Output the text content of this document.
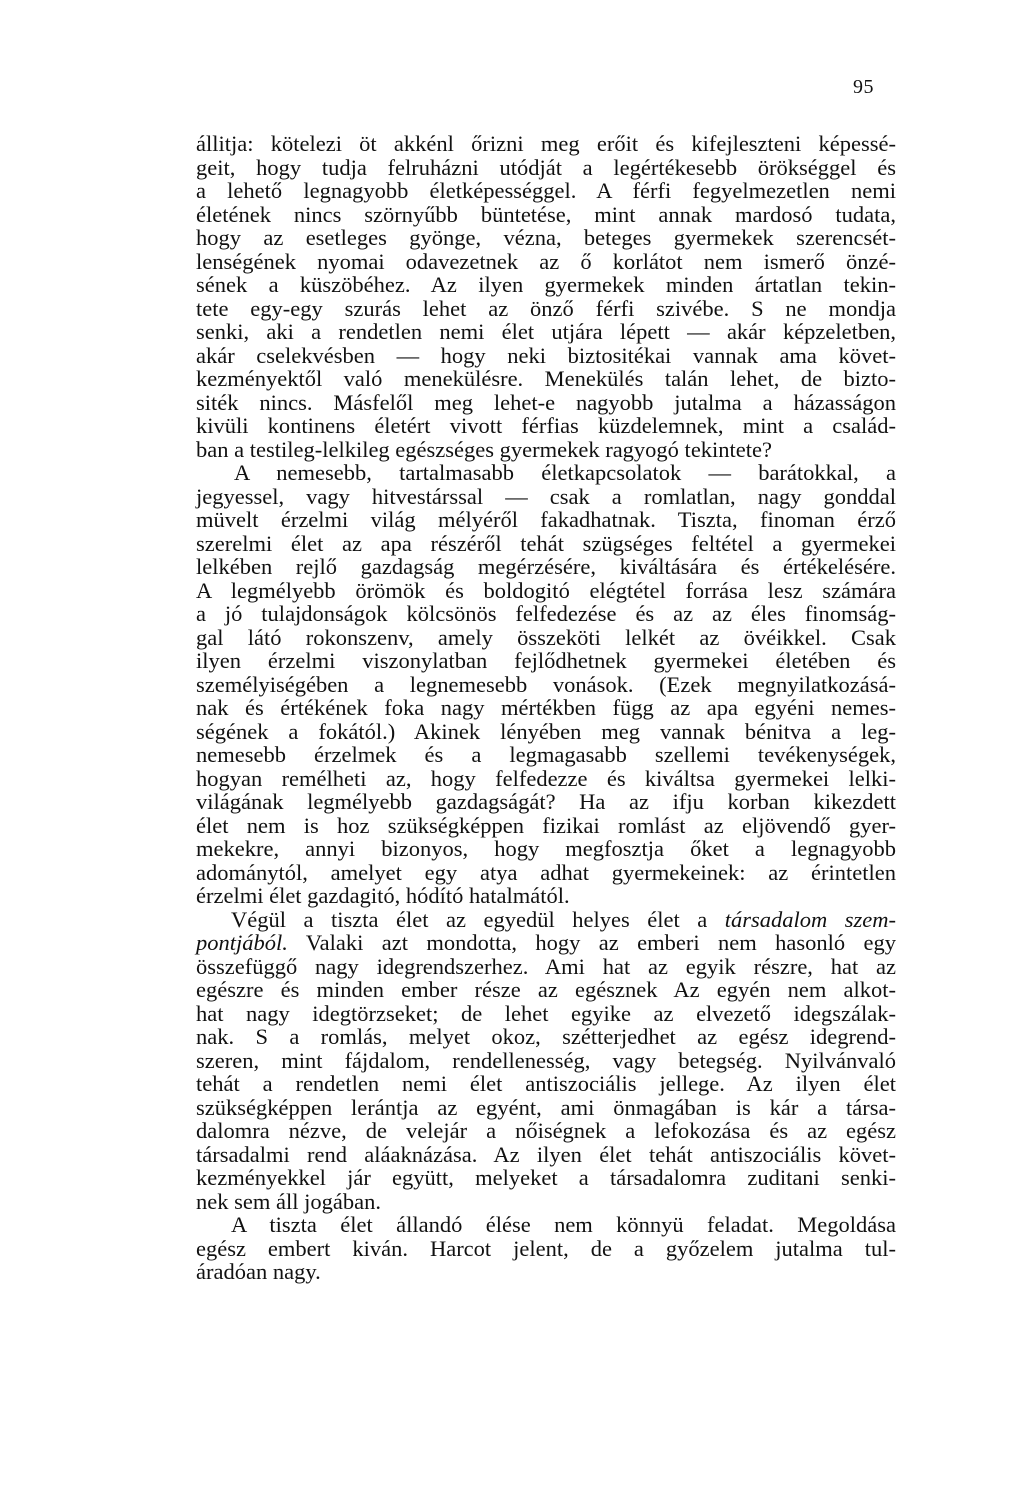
95
állitja: kötelezi öt akkénl őrizni meg erőit és kifejleszteni képessé-
geit, hogy tudja felruházni utódját a legértékesebb örökséggel és
a lehető legnagyobb életképességgel. A férfi fegyelmezetlen nemi
életének nincs szörnyűbb büntetése, mint annak mardosó tudata,
hogy az esetleges gyönge, vézna, beteges gyermekek szerencsét-
lenségének nyomai odavezetnek az ő korlátot nem ismerő önzé-
sének a küszöbéhez. Az ilyen gyermekek minden ártatlan tekin-
tete egy-egy szurás lehet az önző férfi szivébe. S ne mondja
senki, aki a rendetlen nemi élet utjára lépett — akár képzeletben,
akár cselekvésben — hogy neki biztositékai vannak ama követ-
kezményektől való menekülésre. Menekülés talán lehet, de bizto-
siték nincs. Másfelől meg lehet-e nagyobb jutalma a házasságon
kivüli kontinens életért vivott férfias küzdelemnek, mint a család-
ban a testileg-lelkileg egészséges gyermekek ragyogó tekintete?
A nemesebb, tartalmasabb életkapcsolatok — barátokkal, a
jegyessel, vagy hitvestárssal — csak a romlatlan, nagy gonddal
müvelt érzelmi világ mélyéről fakadhatnak. Tiszta, finoman érző
szerelmi élet az apa részéről tehát szügséges feltétel a gyermekei
lelkében rejlő gazdagság megérzésére, kiváltására és értékelésére.
A legmélyebb örömök és boldogitó elégtétel forrása lesz számára
a jó tulajdonságok kölcsönös felfedezése és az az éles finomság-
gal látó rokonszenv, amely összeköti lelkét az övéikkel. Csak
ilyen érzelmi viszonylatban fejlődhetnek gyermekei életében és
személyiségében a legnemesebb vonások. (Ezek megnyilatkozásá-
nak és értékének foka nagy mértékben függ az apa egyéni nemes-
ségének a fokától.) Akinek lényében meg vannak bénitva a leg-
nemesebb érzelmek és a legmagasabb szellemi tevékenységek,
hogyan remélheti az, hogy felfedezze és kiváltsa gyermekei lelki-
világának legmélyebb gazdagságát? Ha az ifju korban kikezdett
élet nem is hoz szükségképpen fizikai romlást az eljövendő gyer-
mekekre, annyi bizonyos, hogy megfosztja őket a legnagyobb
adománytól, amelyet egy atya adhat gyermekeinek: az érintetlen
érzelmi élet gazdagitó, hódító hatalmától.
Végül a tiszta élet az egyedül helyes élet a társadalom szem-
pontjából. Valaki azt mondotta, hogy az emberi nem hasonló egy
összefüggő nagy idegrendszerhez. Ami hat az egyik részre, hat az
egészre és minden ember része az egésznek Az egyén nem alkot-
hat nagy idegtörzseket; de lehet egyike az elvezető idegszálak-
nak. S a romlás, melyet okoz, szétterjedhet az egész idegrend-
szeren, mint fájdalom, rendellenesség, vagy betegség. Nyilvánvaló
tehát a rendetlen nemi élet antiszociális jellege. Az ilyen élet
szükségképpen lerántja az egyént, ami önmagában is kár a társa-
dalomra nézve, de velejár a nőiségnek a lefokozása és az egész
társadalmi rend aláaknázása. Az ilyen élet tehát antiszociális követ-
kezményekkel jár együtt, melyeket a társadalomra zuditani senki-
nek sem áll jogában.
A tiszta élet állandó élése nem könnyü feladat. Megoldása
egész embert kiván. Harcot jelent, de a győzelem jutalma tul-
áradóan nagy.
